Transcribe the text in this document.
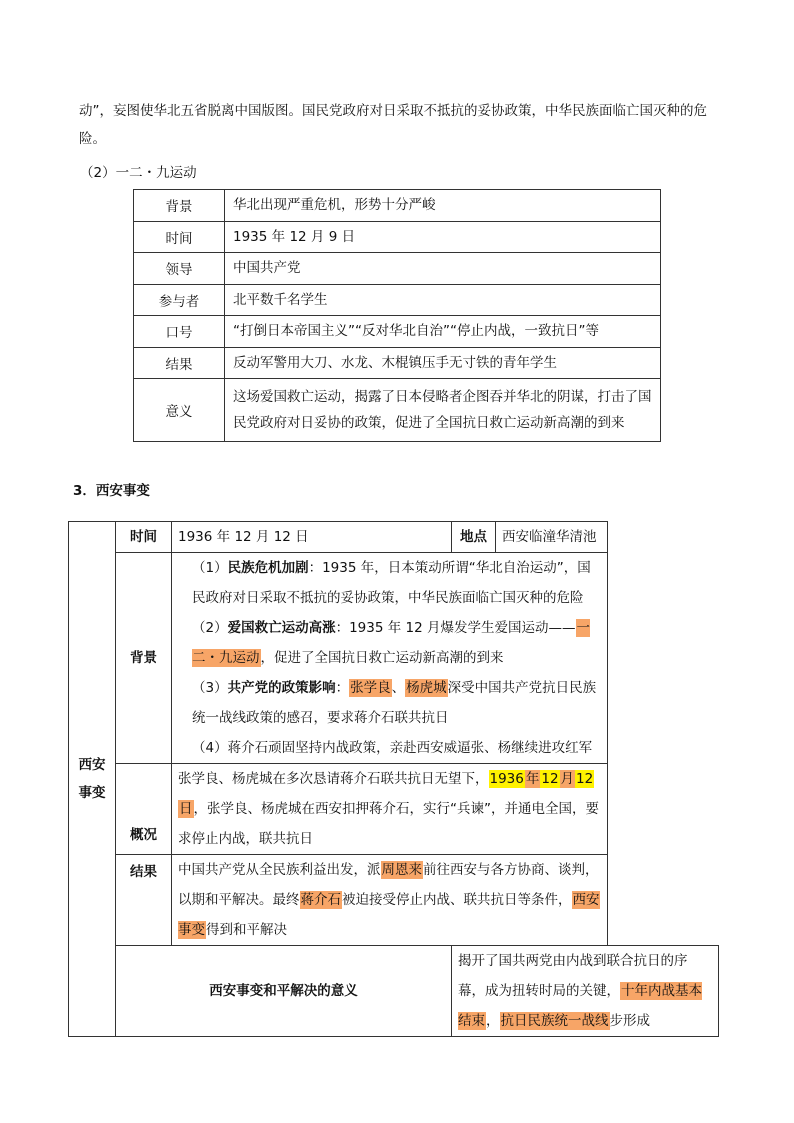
动”，妄图使华北五省脱离中国版图。国民党政府对日采取不抵抗的妥协政策，中华民族面临亡国灭种的危
险。
（2）一二・九运动
背景	华北出现严重危机，形势十分严峻
时间	1935 年 12 月 9 日
领导	中国共产党
参与者	北平数千名学生
口号	“打倒日本帝国主义”“反对华北自治”“停止内战，一致抗日”等
结果	反动军警用大刀、水龙、木棍镇压手无寸铁的青年学生
意义	这场爱国救亡运动，揭露了日本侵略者企图吞并华北的阴谋，打击了国民党政府对日妥协的政策，促进了全国抗日救亡运动新高潮的到来
3．西安事变
西安事变	时间	1936 年 12 月 12 日	地点	西安临潼华清池
	背景	（1）民族危机加剧：1935 年，日本策动所谓“华北自治运动”，国民政府对日采取不抵抗的妥协政策，中华民族面临亡国灭种的危险

（2）爱国救亡运动高涨：1935 年 12 月爆发学生爱国运动——一二・九运动，促进了全国抗日救亡运动新高潮的到来

（3）共产党的政策影响：张学良、杨虎城深受中国共产党抗日民族统一战线政策的感召，要求蒋介石联共抗日

（4）蒋介石顽固坚持内战政策，亲赴西安威逼张、杨继续进攻红军		

	概况	张学良、杨虎城在多次恳请蒋介石联共抗日无望下，1936 年 12 月 12日，张学良、杨虎城在西安扣押蒋介石，实行“兵谏”，并通电全国，要求停止内战，联共抗日		

	结果	中国共产党从全民族利益出发，派周恩来前往西安与各方协商、谈判，以期和平解决。最终蒋介石被迫接受停止内战、联共抗日等条件，西安事变得到和平解决		

	西安事变和平解决的意义		揭开了国共两党由内战到联合抗日的序幕，成为扭转时局的关键，十年内战基本结束，抗日民族统一战线步形成	
